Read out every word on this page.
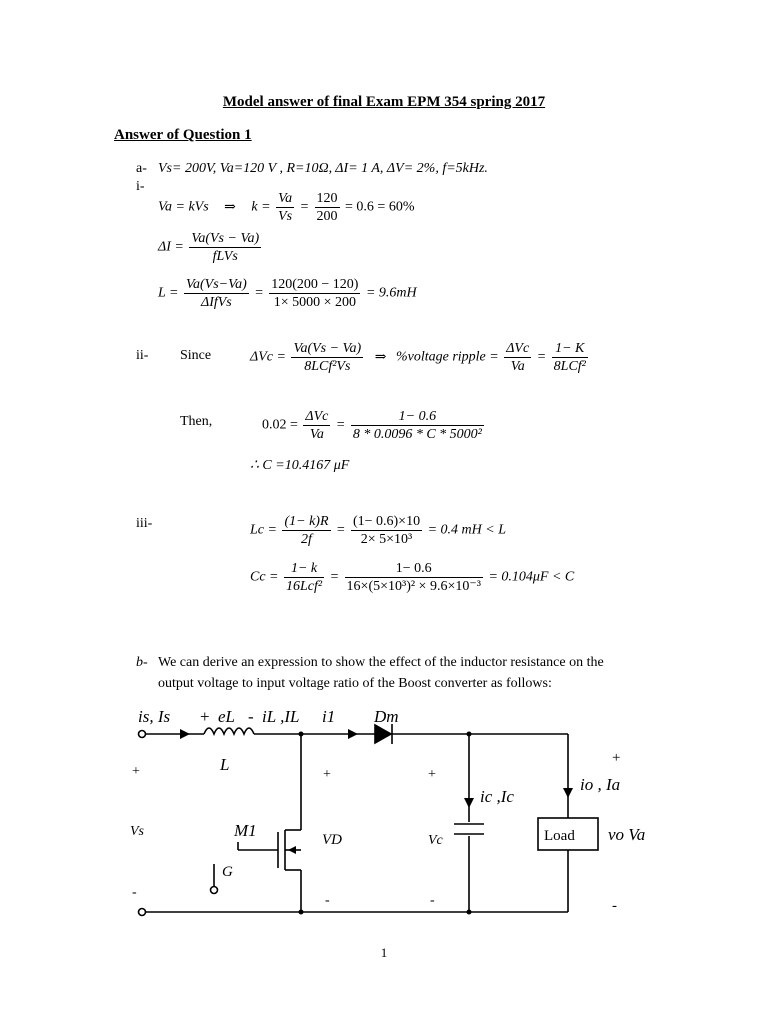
Model answer of final Exam EPM 354 spring 2017
Answer of Question 1
a- Vs= 200V, Va=120 V , R=10Ω, ΔI= 1 A, ΔV= 2%, f=5kHz.
i-
Va = kVs ⇒ $k = \frac{Va}{Vs} = \frac{120}{200} = 0.6 = 60\%$
$\Delta I = \frac{Va(Vs - Va)}{\text{fLVs}}$
$L = \frac{Va(Vs-Va)}{\text{ΔIfVs}} = \frac{120(200 - 120)}{1\times 5000 \times 200} = 9.6mH$
ii- Since	$\Delta Vc = \frac{Va(Vs - Va)}{\text{8LCf²Vs}}$ ⇒ %voltage ripple = $\frac{\text{ΔVc}}{Va} = \frac{1- K}{\text{8LCf²}}$
Then,	$0.02 = \frac{\text{ΔVc}}{Va} = \frac{1- 0.6}{\text{8 * 0.0096 * C * 5000²}}$
∴ C =10.4167 μF
iii-	$Lc = \frac{(1- k)R}{2f} = \frac{(1- 0.6)\times 10}{\text{2× 5×10³}} = 0.4$ mH < L
$Cc = \frac{1- k}{\text{16Lcf²}} = \frac{1- 0.6}{\text{16×(5×10³)² × 9.6×10⁻³}} = 0.104\mu F < C$
b- We can derive an expression to show the effect of the inductor resistance on the
output voltage to input voltage ratio of the Boost converter as follows:
is, Is + eL - iL ,IL i1 Dm
L
+
Vs
-
M1
G
+
VD
-
+
Vc
-
ic ,Ic
io , Ia
Load vo Va
+
-
1
